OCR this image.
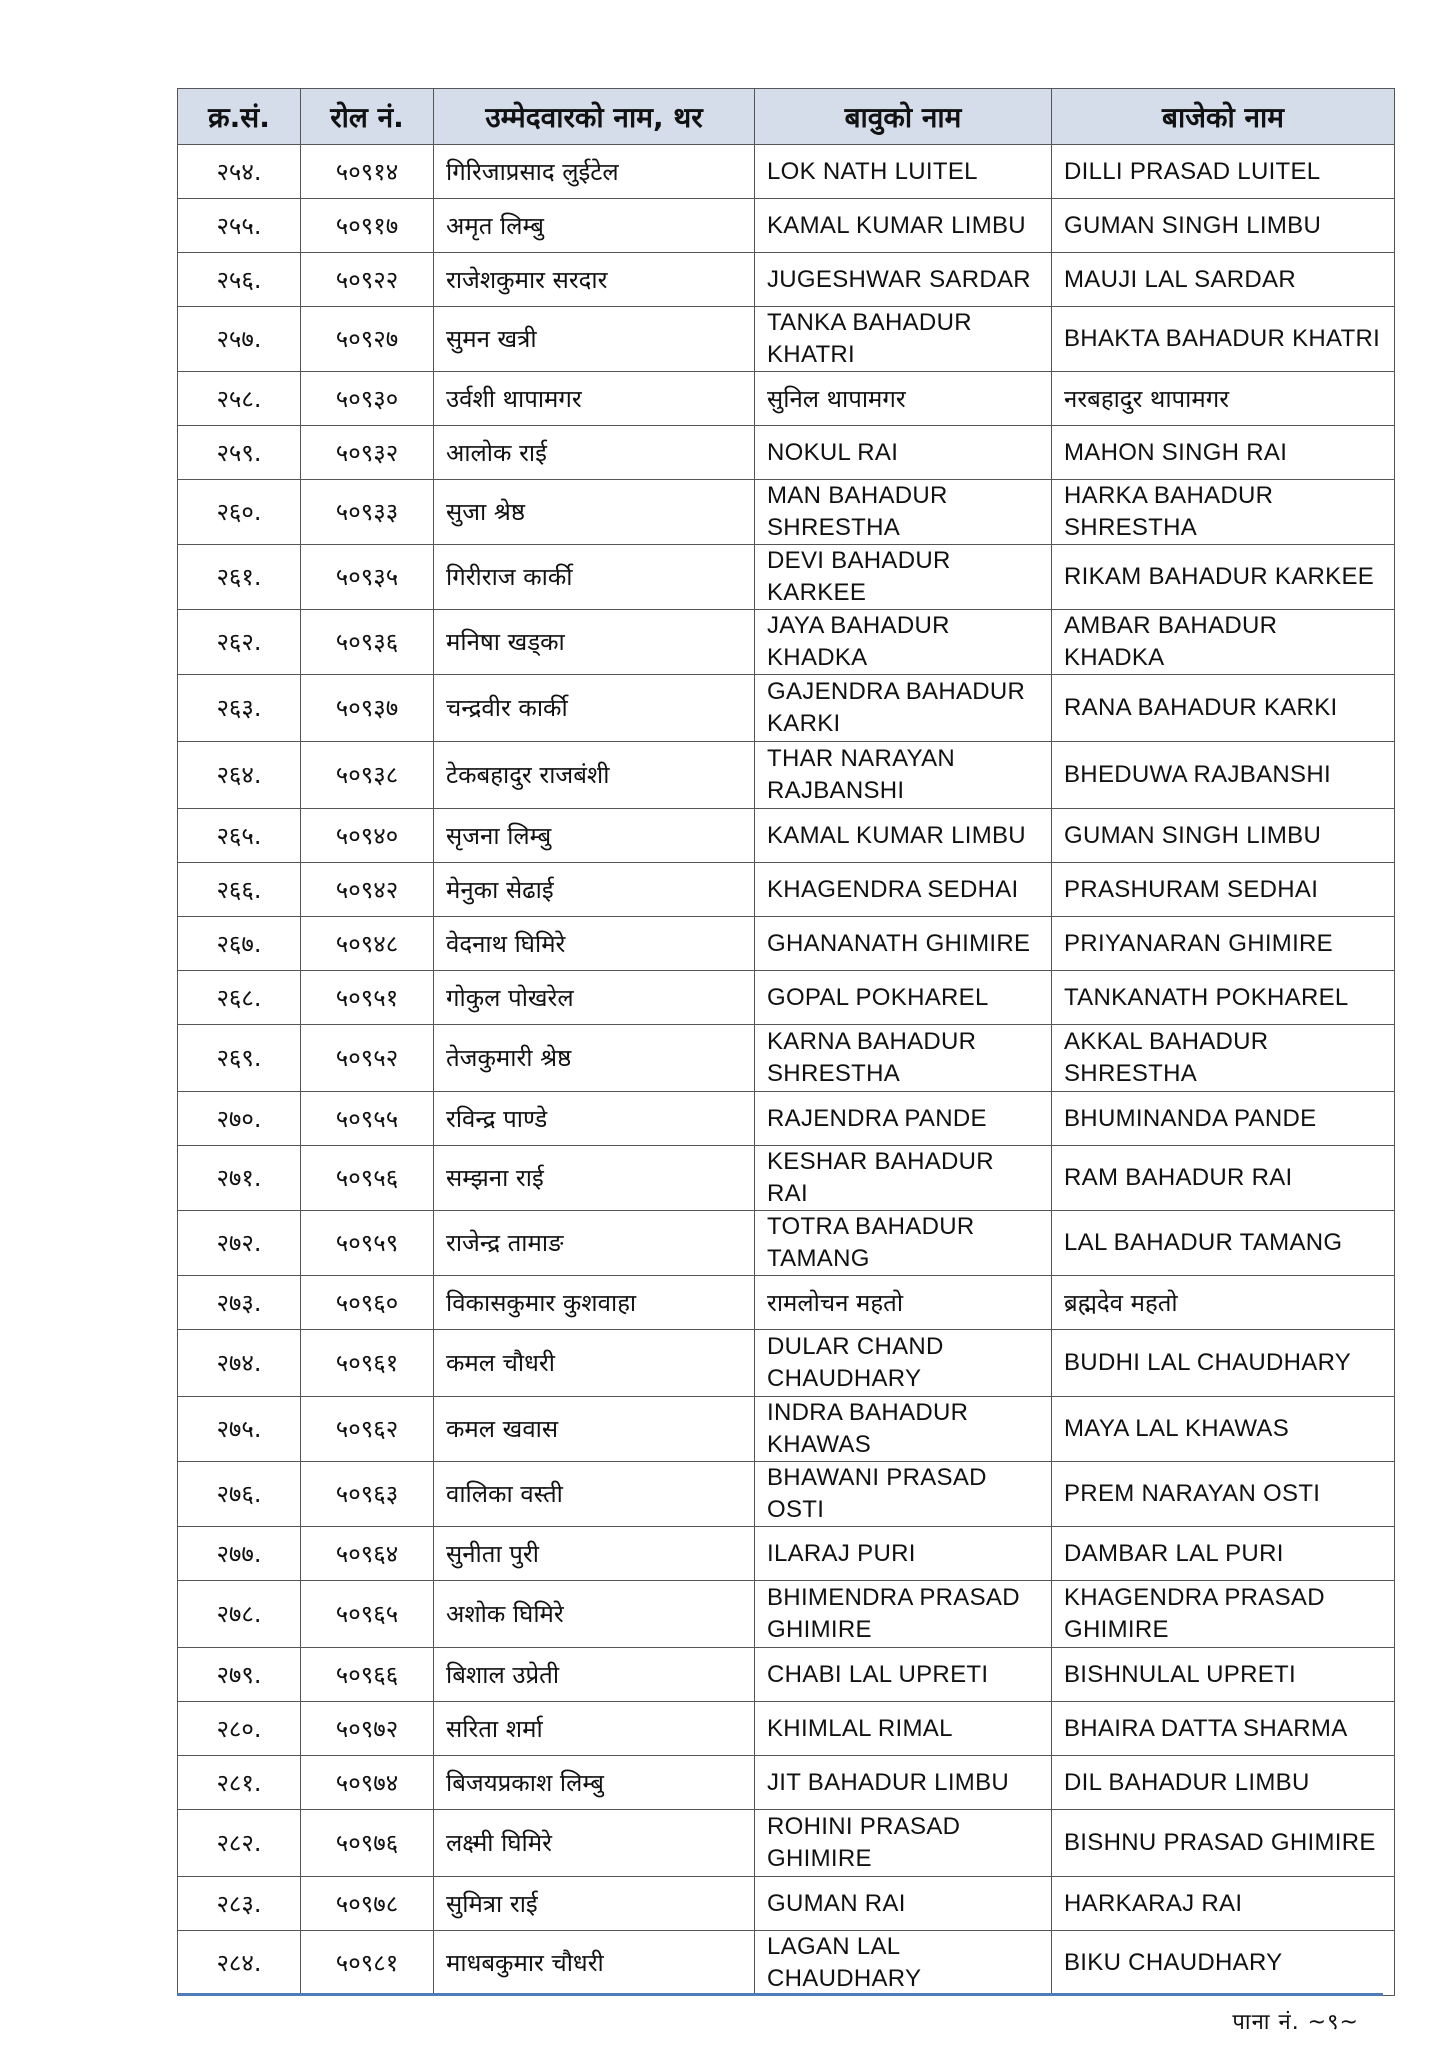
क्र.सं.	रोल नं.	उम्मेदवारको नाम, थर	बावुको नाम	बाजेको नाम
२५४.	५०९१४	गिरिजाप्रसाद लुईटेल	LOK NATH LUITEL	DILLI PRASAD LUITEL
२५५.	५०९१७	अमृत लिम्बु	KAMAL KUMAR LIMBU	GUMAN SINGH LIMBU
२५६.	५०९२२	राजेशकुमार सरदार	JUGESHWAR SARDAR	MAUJI LAL SARDAR
२५७.	५०९२७	सुमन खत्री	TANKA BAHADUR KHATRI	BHAKTA BAHADUR KHATRI
२५८.	५०९३०	उर्वशी थापामगर	सुनिल थापामगर	नरबहादुर थापामगर
२५९.	५०९३२	आलोक राई	NOKUL RAI	MAHON SINGH RAI
२६०.	५०९३३	सुजा श्रेष्ठ	MAN BAHADUR SHRESTHA	HARKA BAHADUR SHRESTHA
२६१.	५०९३५	गिरीराज कार्की	DEVI BAHADUR KARKEE	RIKAM BAHADUR KARKEE
२६२.	५०९३६	मनिषा खड्का	JAYA BAHADUR KHADKA	AMBAR BAHADUR KHADKA
२६३.	५०९३७	चन्द्रवीर कार्की	GAJENDRA BAHADUR KARKI	RANA BAHADUR KARKI
२६४.	५०९३८	टेकबहादुर राजबंशी	THAR NARAYAN RAJBANSHI	BHEDUWA RAJBANSHI
२६५.	५०९४०	सृजना लिम्बु	KAMAL KUMAR LIMBU	GUMAN SINGH LIMBU
२६६.	५०९४२	मेनुका सेढाई	KHAGENDRA SEDHAI	PRASHURAM SEDHAI
२६७.	५०९४८	वेदनाथ घिमिरे	GHANANATH GHIMIRE	PRIYANARAN GHIMIRE
२६८.	५०९५१	गोकुल पोखरेल	GOPAL POKHAREL	TANKANATH POKHAREL
२६९.	५०९५२	तेजकुमारी श्रेष्ठ	KARNA BAHADUR SHRESTHA	AKKAL BAHADUR SHRESTHA
२७०.	५०९५५	रविन्द्र पाण्डे	RAJENDRA PANDE	BHUMINANDA PANDE
२७१.	५०९५६	सम्झना राई	KESHAR BAHADUR RAI	RAM BAHADUR RAI
२७२.	५०९५९	राजेन्द्र तामाङ	TOTRA BAHADUR TAMANG	LAL BAHADUR TAMANG
२७३.	५०९६०	विकासकुमार कुशवाहा	रामलोचन महतो	ब्रह्मदेव महतो
२७४.	५०९६१	कमल चौधरी	DULAR CHAND CHAUDHARY	BUDHI LAL CHAUDHARY
२७५.	५०९६२	कमल खवास	INDRA BAHADUR KHAWAS	MAYA LAL KHAWAS
२७६.	५०९६३	वालिका वस्ती	BHAWANI PRASAD OSTI	PREM NARAYAN OSTI
२७७.	५०९६४	सुनीता पुरी	ILARAJ PURI	DAMBAR LAL PURI
२७८.	५०९६५	अशोक घिमिरे	BHIMENDRA PRASAD GHIMIRE	KHAGENDRA PRASAD GHIMIRE
२७९.	५०९६६	बिशाल उप्रेती	CHABI LAL UPRETI	BISHNULAL UPRETI
२८०.	५०९७२	सरिता शर्मा	KHIMLAL RIMAL	BHAIRA DATTA SHARMA
२८१.	५०९७४	बिजयप्रकाश लिम्बु	JIT BAHADUR LIMBU	DIL BAHADUR LIMBU
२८२.	५०९७६	लक्ष्मी घिमिरे	ROHINI PRASAD GHIMIRE	BISHNU PRASAD GHIMIRE
२८३.	५०९७८	सुमित्रा राई	GUMAN RAI	HARKARAJ RAI
२८४.	५०९८१	माधबकुमार चौधरी	LAGAN LAL CHAUDHARY	BIKU CHAUDHARY
पाना नं. ~९~
